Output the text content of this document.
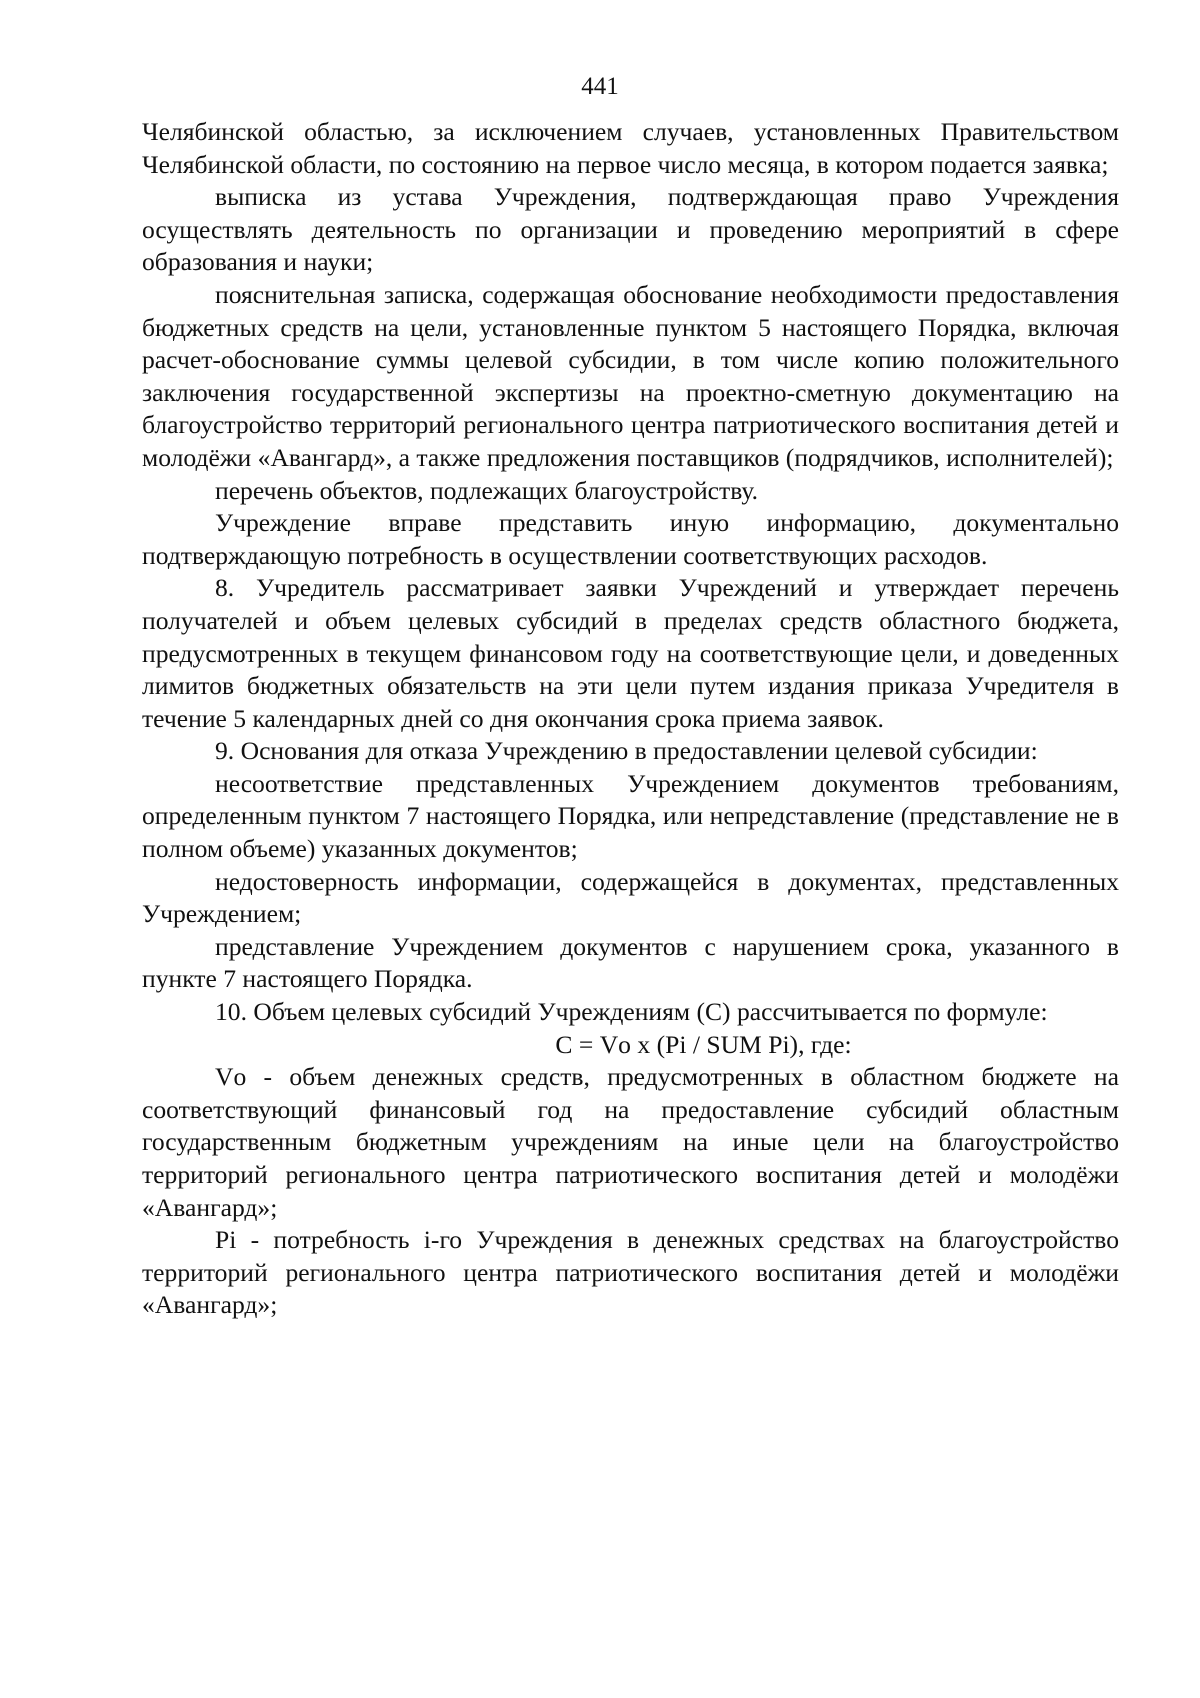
441

Челябинской областью, за исключением случаев, установленных Правительством Челябинской области, по состоянию на первое число месяца, в котором подается заявка;

выписка из устава Учреждения, подтверждающая право Учреждения осуществлять деятельность по организации и проведению мероприятий в сфере образования и науки;

пояснительная записка, содержащая обоснование необходимости предоставления бюджетных средств на цели, установленные пунктом 5 настоящего Порядка, включая расчет-обоснование суммы целевой субсидии, в том числе копию положительного заключения государственной экспертизы на проектно-сметную документацию на благоустройство территорий регионального центра патриотического воспитания детей и молодёжи «Авангард», а также предложения поставщиков (подрядчиков, исполнителей);

перечень объектов, подлежащих благоустройству.

Учреждение вправе представить иную информацию, документально подтверждающую потребность в осуществлении соответствующих расходов.

8. Учредитель рассматривает заявки Учреждений и утверждает перечень получателей и объем целевых субсидий в пределах средств областного бюджета, предусмотренных в текущем финансовом году на соответствующие цели, и доведенных лимитов бюджетных обязательств на эти цели путем издания приказа Учредителя в течение 5 календарных дней со дня окончания срока приема заявок.

9. Основания для отказа Учреждению в предоставлении целевой субсидии:

несоответствие представленных Учреждением документов требованиям, определенным пунктом 7 настоящего Порядка, или непредставление (представление не в полном объеме) указанных документов;

недостоверность информации, содержащейся в документах, представленных Учреждением;

представление Учреждением документов с нарушением срока, указанного в пункте 7 настоящего Порядка.

10. Объем целевых субсидий Учреждениям (С) рассчитывается по формуле:

С = Vо x (Pi / SUM Pi), где:

Vо - объем денежных средств, предусмотренных в областном бюджете на соответствующий финансовый год на предоставление субсидий областным государственным бюджетным учреждениям на иные цели на благоустройство территорий регионального центра патриотического воспитания детей и молодёжи «Авангард»;

Pi - потребность i-го Учреждения в денежных средствах на благоустройство территорий регионального центра патриотического воспитания детей и молодёжи «Авангард»;
